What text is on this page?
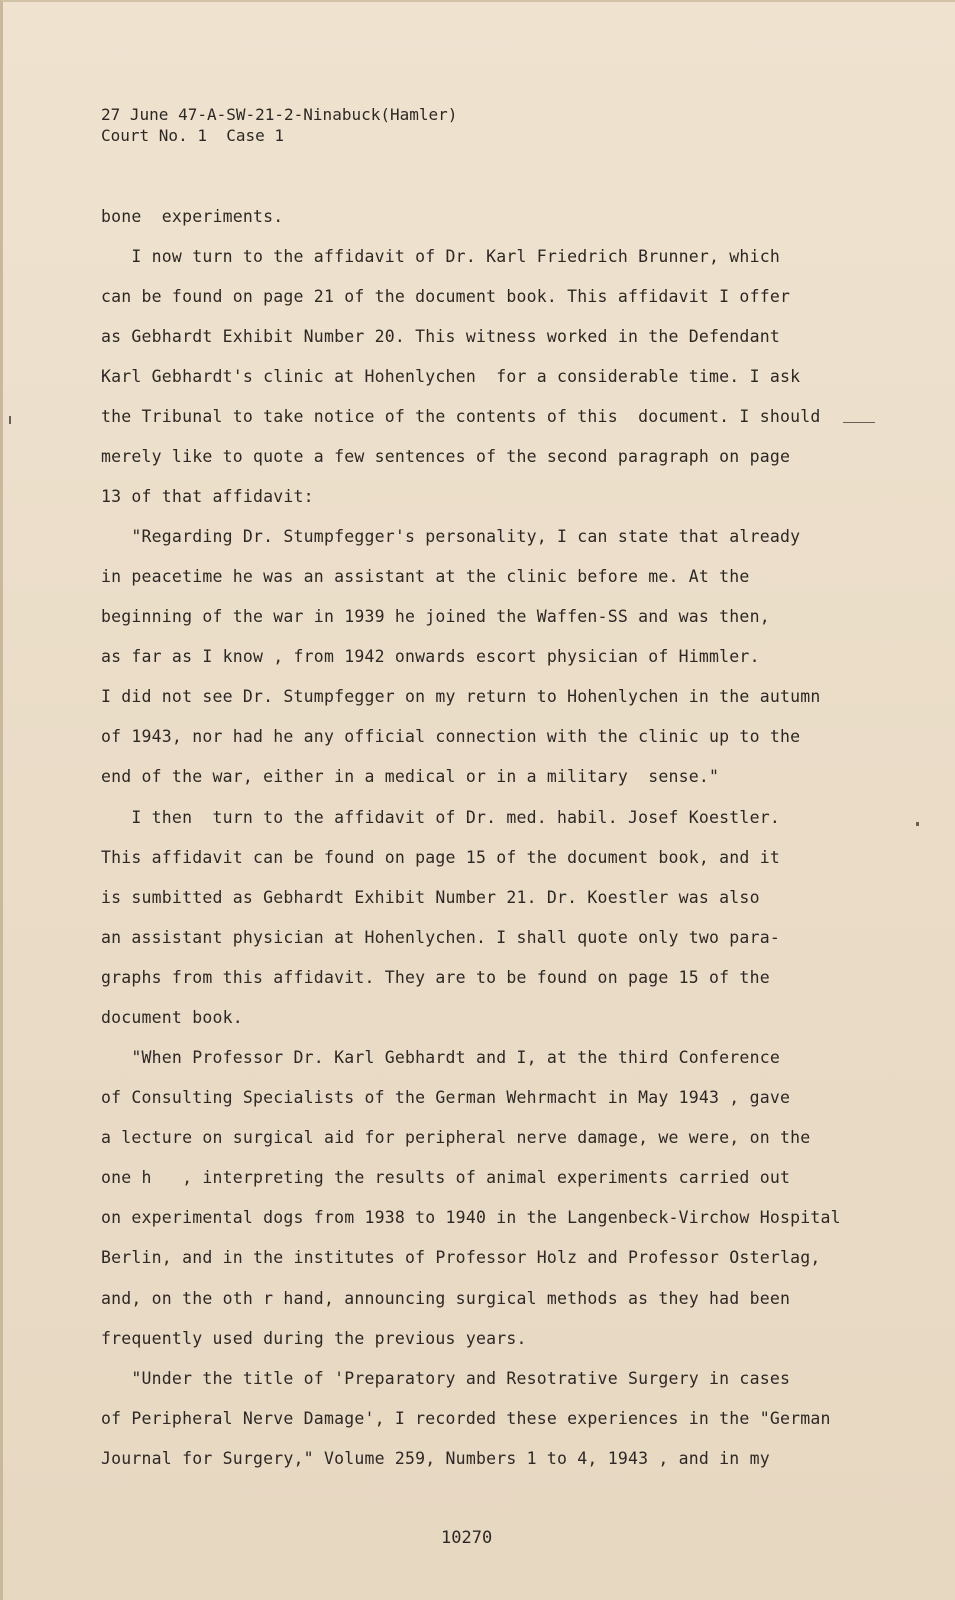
27 June 47-A-SW-21-2-Ninabuck(Hamler)
Court No. 1  Case 1
bone  experiments.
I now turn to the affidavit of Dr. Karl Friedrich Brunner, which
can be found on page 21 of the document book. This affidavit I offer
as Gebhardt Exhibit Number 20. This witness worked in the Defendant
Karl Gebhardt's clinic at Hohenlychen  for a considerable time. I ask
the Tribunal to take notice of the contents of this  document. I should
merely like to quote a few sentences of the second paragraph on page
13 of that affidavit:
"Regarding Dr. Stumpfegger's personality, I can state that already
in peacetime he was an assistant at the clinic before me. At the
beginning of the war in 1939 he joined the Waffen-SS and was then,
as far as I know , from 1942 onwards escort physician of Himmler.
I did not see Dr. Stumpfegger on my return to Hohenlychen in the autumn
of 1943, nor had he any official connection with the clinic up to the
end of the war, either in a medical or in a military  sense."
I then  turn to the affidavit of Dr. med. habil. Josef Koestler.
This affidavit can be found on page 15 of the document book, and it
is sumbitted as Gebhardt Exhibit Number 21. Dr. Koestler was also
an assistant physician at Hohenlychen. I shall quote only two para-
graphs from this affidavit. They are to be found on page 15 of the
document book.
"When Professor Dr. Karl Gebhardt and I, at the third Conference
of Consulting Specialists of the German Wehrmacht in May 1943 , gave
a lecture on surgical aid for peripheral nerve damage, we were, on the
one h   , interpreting the results of animal experiments carried out
on experimental dogs from 1938 to 1940 in the Langenbeck-Virchow Hospital
Berlin, and in the institutes of Professor Holz and Professor Osterlag,
and, on the oth r hand, announcing surgical methods as they had been
frequently used during the previous years.
"Under the title of 'Preparatory and Resotrative Surgery in cases
of Peripheral Nerve Damage', I recorded these experiences in the "German
Journal for Surgery," Volume 259, Numbers 1 to 4, 1943 , and in my
10270
